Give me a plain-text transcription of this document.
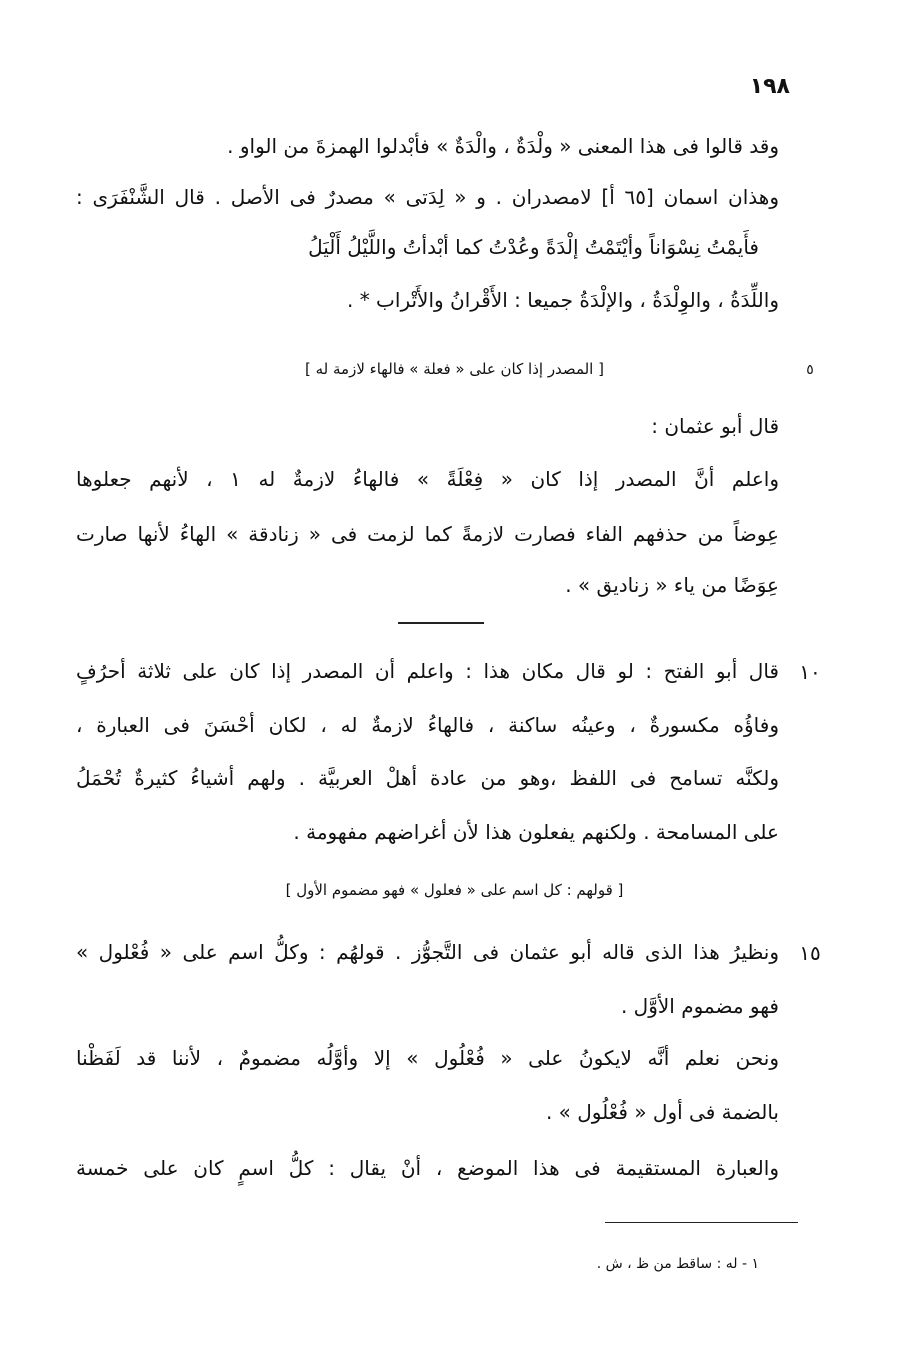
١٩٨
وقد قالوا فى هذا المعنى « ولْدَةٌ ، والْدَةٌ » فأبْدلوا الهمزةَ من الواو .
وهذان اسمان [٦٥ أ] لامصدران . و « لِدَتى » مصدرٌ فى الأصل . قال الشَّنْفَرَى :
فأَيمْتُ نِسْوَاناً وأيْتَمْتُ إلْدَةً وعُدْتُ كما أبْدأتُ واللَّيْلُ أَلْيَلُ
واللِّدَةُ ، والوِلْدَةُ ، والإلْدَةُ جميعا : الأَقْرانُ والأَتْراب * .
٥
[ المصدر إذا كان على « فعلة » فالهاء لازمة له ]
قال أبو عثمان :
واعلم أنَّ المصدر إذا كان « فِعْلَةً » فالهاءُ لازمةٌ له ١ ، لأنهم جعلوها
عِوضاً من حذفهم الفاء فصارت لازمةً كما لزمت فى « زنادقة » الهاءُ لأنها صارت
عِوَضًا من ياء « زناديق » .
١٠
قال أبو الفتح : لو قال مكان هذا : واعلم أن المصدر إذا كان على ثلاثة أحرُفٍ
وفاؤُه مكسورةٌ ، وعينُه ساكنة ، فالهاءُ لازمةٌ له ، لكان أحْسَنَ فى العبارة ،
ولكنَّه تسامح فى اللفظ ،وهو من عادة أهلْ العربيَّة . ولهم أشياءُ كثيرةٌ تُحْمَلُ
على المسامحة . ولكنهم يفعلون هذا لأن أغراضهم مفهومة .
[ قولهم : كل اسم على « فعلول » فهو مضموم الأول ]
١٥
ونظيرُ هذا الذى قاله أبو عثمان فى التَّجوُّز . قولهُم : وكلُّ اسم على « فُعْلول »
فهو مضموم الأوَّل .
ونحن نعلم أنَّه لايكونُ على « فُعْلُول » إلا وأوَّلُه مضمومٌ ، لأننا قد لَفَظْنا
بالضمة فى أول « فُعْلُول » .
والعبارة المستقيمة فى هذا الموضع ، أنْ يقال : كلُّ اسمٍ كان على خمسة
١ - له : ساقط من ظ ، ش .
